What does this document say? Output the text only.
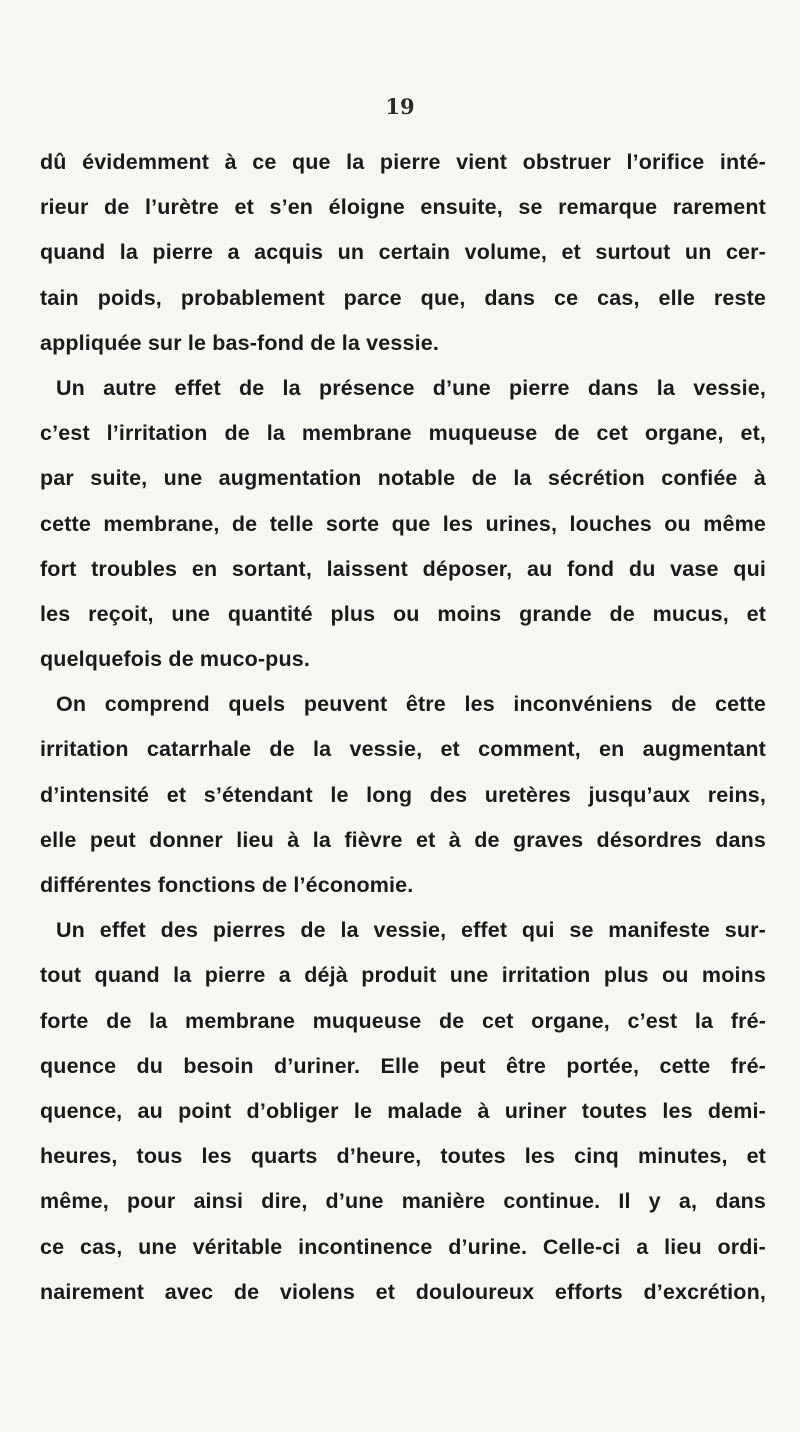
19
dû évidemment à ce que la pierre vient obstruer l’orifice inté-
rieur de l’urètre et s’en éloigne ensuite, se remarque rarement
quand la pierre a acquis un certain volume, et surtout un cer-
tain poids, probablement parce que, dans ce cas, elle reste
appliquée sur le bas-fond de la vessie.
Un autre effet de la présence d’une pierre dans la vessie,
c’est l’irritation de la membrane muqueuse de cet organe, et,
par suite, une augmentation notable de la sécrétion confiée à
cette membrane, de telle sorte que les urines, louches ou même
fort troubles en sortant, laissent déposer, au fond du vase qui
les reçoit, une quantité plus ou moins grande de mucus, et
quelquefois de muco-pus.
On comprend quels peuvent être les inconvéniens de cette
irritation catarrhale de la vessie, et comment, en augmentant
d’intensité et s’étendant le long des uretères jusqu’aux reins,
elle peut donner lieu à la fièvre et à de graves désordres dans
différentes fonctions de l’économie.
Un effet des pierres de la vessie, effet qui se manifeste sur-
tout quand la pierre a déjà produit une irritation plus ou moins
forte de la membrane muqueuse de cet organe, c’est la fré-
quence du besoin d’uriner. Elle peut être portée, cette fré-
quence, au point d’obliger le malade à uriner toutes les demi-
heures, tous les quarts d’heure, toutes les cinq minutes, et
même, pour ainsi dire, d’une manière continue. Il y a, dans
ce cas, une véritable incontinence d’urine. Celle-ci a lieu ordi-
nairement avec de violens et douloureux efforts d’excrétion,
